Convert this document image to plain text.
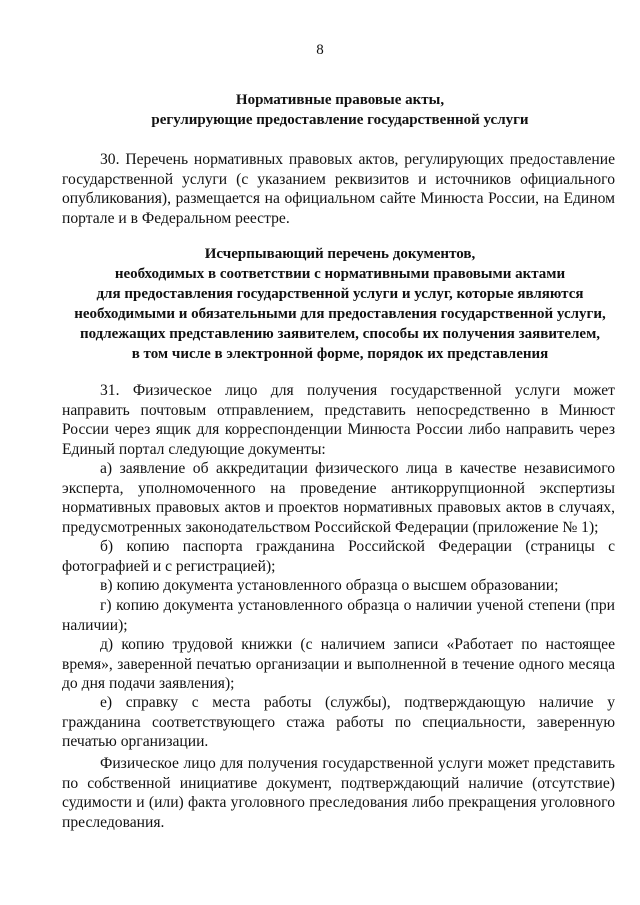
8
Нормативные правовые акты,
регулирующие предоставление государственной услуги
30. Перечень нормативных правовых актов, регулирующих предоставление государственной услуги (с указанием реквизитов и источников официального опубликования), размещается на официальном сайте Минюста России, на Едином портале и в Федеральном реестре.
Исчерпывающий перечень документов,
необходимых в соответствии с нормативными правовыми актами
для предоставления государственной услуги и услуг, которые являются
необходимыми и обязательными для предоставления государственной услуги,
подлежащих представлению заявителем, способы их получения заявителем,
в том числе в электронной форме, порядок их представления
31. Физическое лицо для получения государственной услуги может направить почтовым отправлением, представить непосредственно в Минюст России через ящик для корреспонденции Минюста России либо направить через Единый портал следующие документы:
а) заявление об аккредитации физического лица в качестве независимого эксперта, уполномоченного на проведение антикоррупционной экспертизы нормативных правовых актов и проектов нормативных правовых актов в случаях, предусмотренных законодательством Российской Федерации (приложение № 1);
б) копию паспорта гражданина Российской Федерации (страницы с фотографией и с регистрацией);
в) копию документа установленного образца о высшем образовании;
г) копию документа установленного образца о наличии ученой степени (при наличии);
д) копию трудовой книжки (с наличием записи «Работает по настоящее время», заверенной печатью организации и выполненной в течение одного месяца до дня подачи заявления);
е) справку с места работы (службы), подтверждающую наличие у гражданина соответствующего стажа работы по специальности, заверенную печатью организации.
Физическое лицо для получения государственной услуги может представить по собственной инициативе документ, подтверждающий наличие (отсутствие) судимости и (или) факта уголовного преследования либо прекращения уголовного преследования.
